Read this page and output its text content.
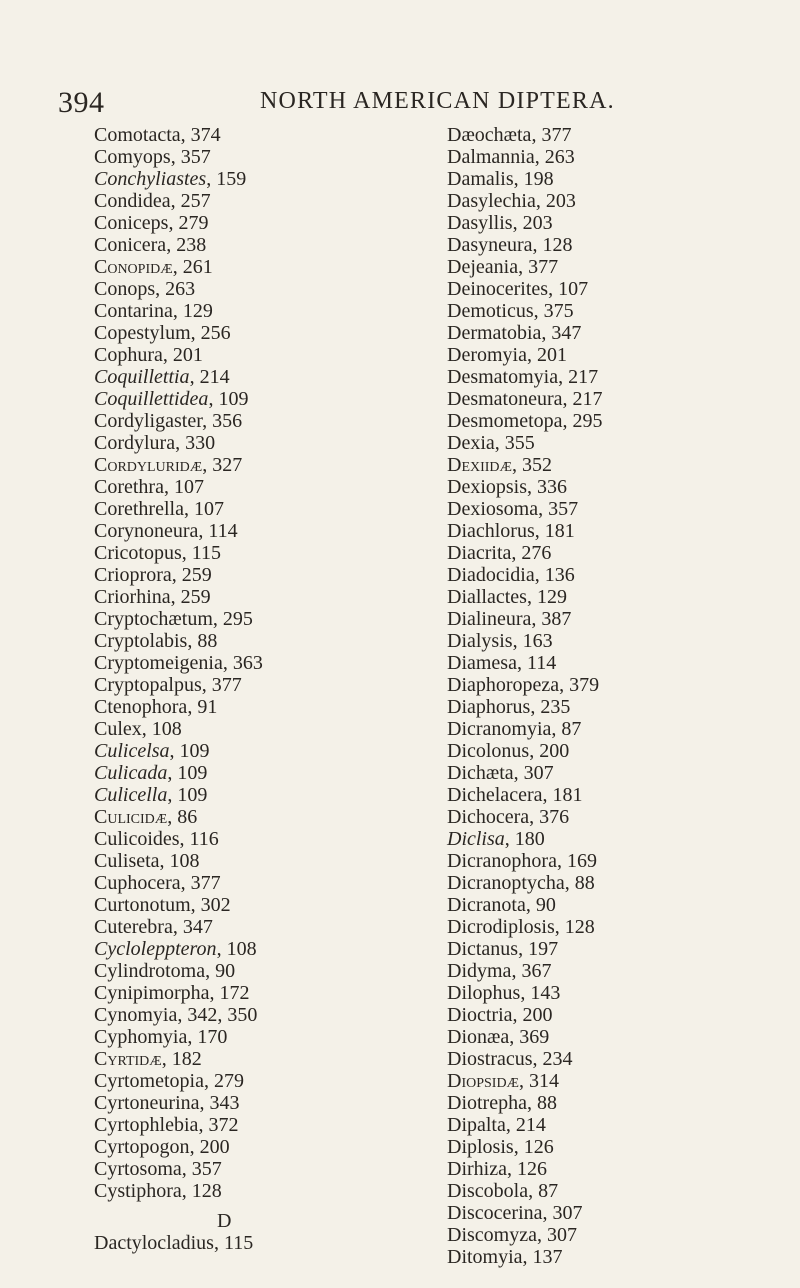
394	NORTH AMERICAN DIPTERA.
Comotacta, 374
Comyops, 357
Conchyliastes, 159
Condidea, 257
Coniceps, 279
Conicera, 238
Conopidæ, 261
Conops, 263
Contarina, 129
Copestylum, 256
Cophura, 201
Coquillettia, 214
Coquillettidea, 109
Cordyligaster, 356
Cordylura, 330
Cordyluridæ, 327
Corethra, 107
Corethrella, 107
Corynoneura, 114
Cricotopus, 115
Crioprora, 259
Criorhina, 259
Cryptochætum, 295
Cryptolabis, 88
Cryptomeigenia, 363
Cryptopalpus, 377
Ctenophora, 91
Culex, 108
Culicelsa, 109
Culicada, 109
Culicella, 109
Culicidæ, 86
Culicoides, 116
Culiseta, 108
Cuphocera, 377
Curtonotum, 302
Cuterebra, 347
Cycloleppteron, 108
Cylindrotoma, 90
Cynipimorpha, 172
Cynomyia, 342, 350
Cyphomyia, 170
Cyrtidæ, 182
Cyrtometopia, 279
Cyrtoneurina, 343
Cyrtophlebia, 372
Cyrtopogon, 200
Cyrtosoma, 357
Cystiphora, 128
D
Dactylocladius, 115
Dæochæta, 377
Dalmannia, 263
Damalis, 198
Dasylechia, 203
Dasyllis, 203
Dasyneura, 128
Dejeania, 377
Deinocerites, 107
Demoticus, 375
Dermatobia, 347
Deromyia, 201
Desmatomyia, 217
Desmatoneura, 217
Desmometopa, 295
Dexia, 355
Dexiidæ, 352
Dexiopsis, 336
Dexiosoma, 357
Diachlorus, 181
Diacrita, 276
Diadocidia, 136
Diallactes, 129
Dialineura, 387
Dialysis, 163
Diamesa, 114
Diaphoropeza, 379
Diaphorus, 235
Dicranomyia, 87
Dicolonus, 200
Dichæta, 307
Dichelacera, 181
Dichocera, 376
Diclisa, 180
Dicranophora, 169
Dicranoptycha, 88
Dicranota, 90
Dicrodiplosis, 128
Dictanus, 197
Didyma, 367
Dilophus, 143
Dioctria, 200
Dionæa, 369
Diostracus, 234
Diopsidæ, 314
Diotrepha, 88
Dipalta, 214
Diplosis, 126
Dirhiza, 126
Discobola, 87
Discocerina, 307
Discomyza, 307
Ditomyia, 137
